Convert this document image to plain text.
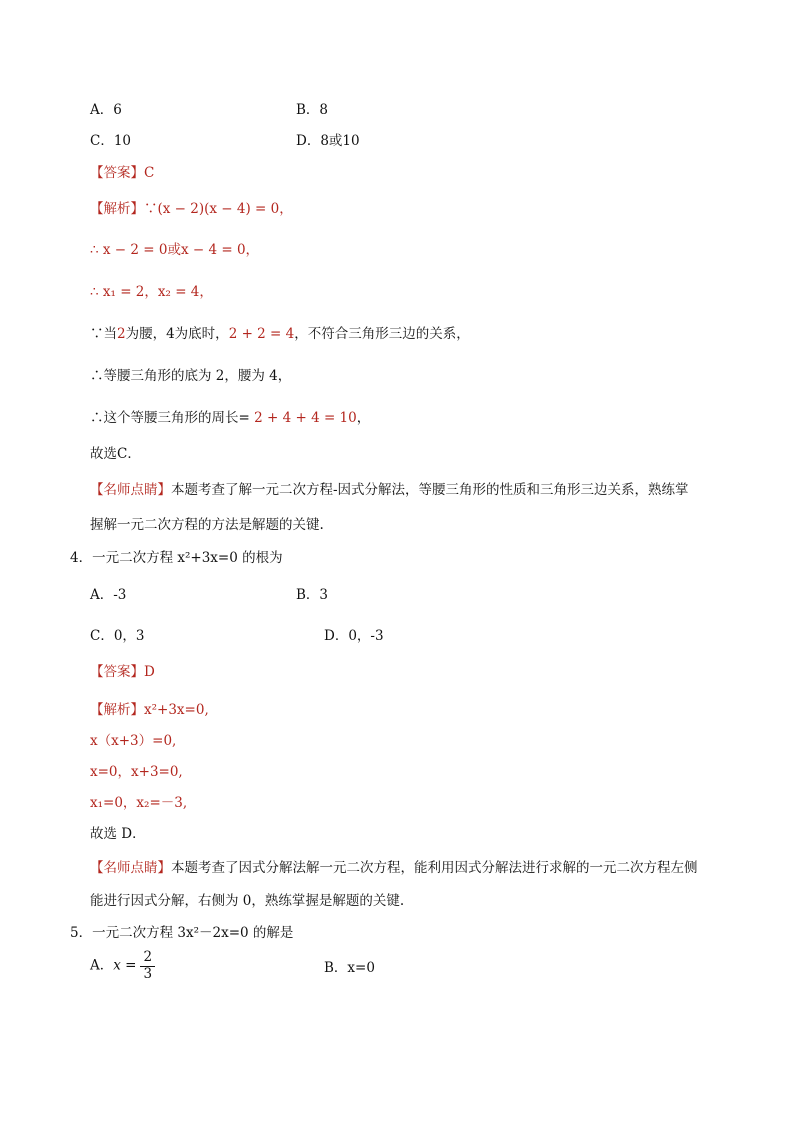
A．6	B．8
C．10	D．8或10
【答案】C
【解析】∵(x − 2)(x − 4) = 0，
∴ x − 2 = 0或x − 4 = 0，
∴ x₁ = 2，x₂ = 4，
∵当2为腰，4为底时，2 + 2 = 4，不符合三角形三边的关系，
∴等腰三角形的底为 2，腰为 4，
∴这个等腰三角形的周长= 2 + 4 + 4 = 10，
故选C．
【名师点睛】本题考查了解一元二次方程-因式分解法，等腰三角形的性质和三角形三边关系，熟练掌
握解一元二次方程的方法是解题的关键.
4．一元二次方程 x²+3x=0 的根为
A．-3	B．3
C．0，3	D．0，-3
【答案】D
【解析】x²+3x=0,
x（x+3）=0,
x=0，x+3=0,
x₁=0，x₂=－3,
故选 D．
【名师点睛】本题考查了因式分解法解一元二次方程，能利用因式分解法进行求解的一元二次方程左侧
能进行因式分解，右侧为 0，熟练掌握是解题的关键.
5．一元二次方程 3x²－2x=0 的解是
A．$x = \frac{2}{3}$	B．x=0
